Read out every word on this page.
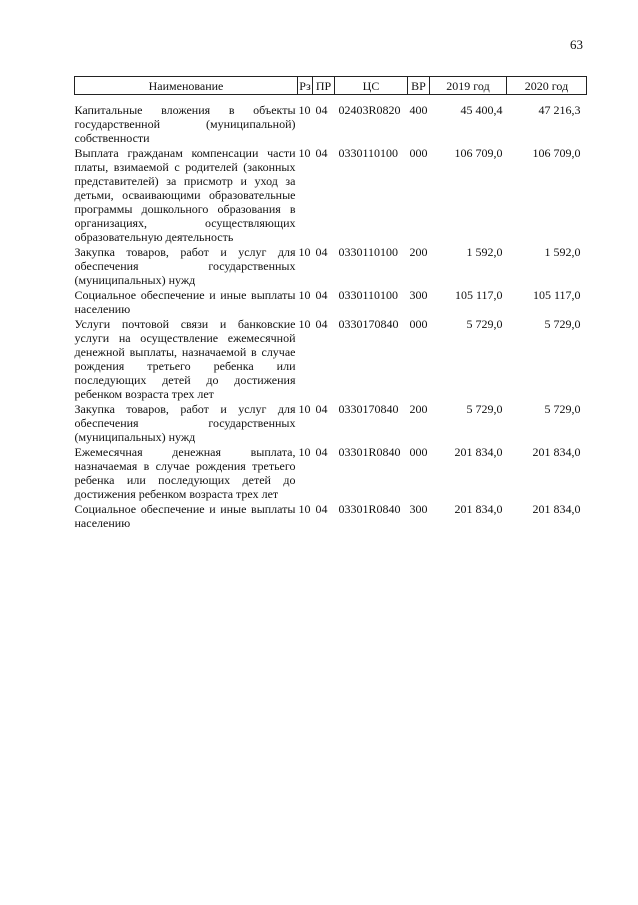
63
Наименование	Рз	ПР	ЦС	ВР	2019 год	2020 год
Капитальные вложения в объекты государственной (муниципальной) собственности	10	04	02403R0820	400	45 400,4	47 216,3
Выплата гражданам компенсации части платы, взимаемой с родителей (законных представителей) за присмотр и уход за детьми, осваивающими образовательные программы дошкольного образования в организациях, осуществляющих образовательную деятельность	10	04	0330110100	000	106 709,0	106 709,0
Закупка товаров, работ и услуг для обеспечения государственных (муниципальных) нужд	10	04	0330110100	200	1 592,0	1 592,0
Социальное обеспечение и иные выплаты населению	10	04	0330110100	300	105 117,0	105 117,0
Услуги почтовой связи и банковские услуги на осуществление ежемесячной денежной выплаты, назначаемой в случае рождения третьего ребенка или последующих детей до достижения ребенком возраста трех лет	10	04	0330170840	000	5 729,0	5 729,0
Закупка товаров, работ и услуг для обеспечения государственных (муниципальных) нужд	10	04	0330170840	200	5 729,0	5 729,0
Ежемесячная денежная выплата, назначаемая в случае рождения третьего ребенка или последующих детей до достижения ребенком возраста трех лет	10	04	03301R0840	000	201 834,0	201 834,0
Социальное обеспечение и иные выплаты населению	10	04	03301R0840	300	201 834,0	201 834,0
